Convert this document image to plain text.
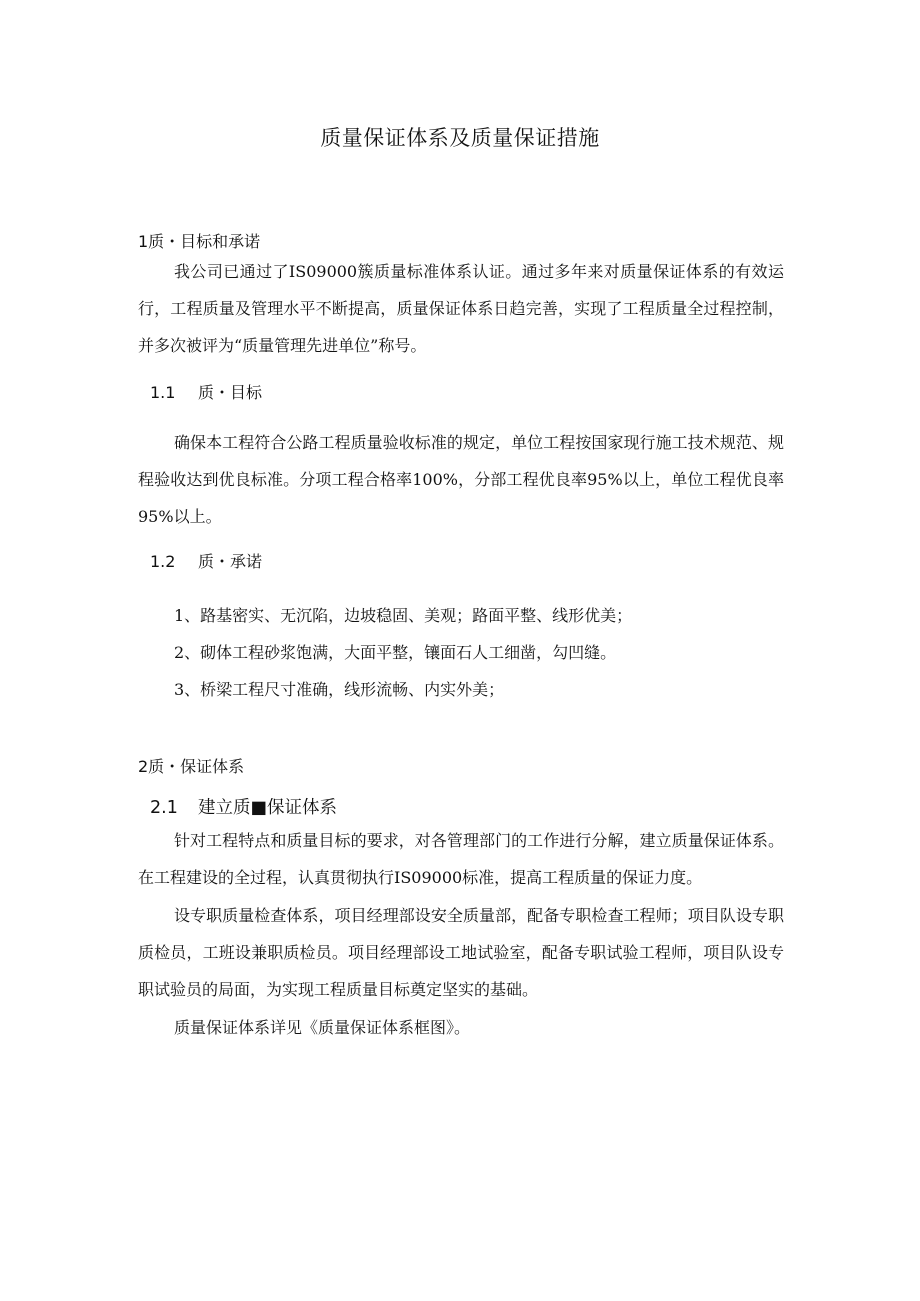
质量保证体系及质量保证措施
1质・目标和承诺
我公司已通过了IS09000簇质量标准体系认证。通过多年来对质量保证体系的有效运行，工程质量及管理水平不断提高，质量保证体系日趋完善，实现了工程质量全过程控制，并多次被评为“质量管理先进单位”称号。
1.1 质・目标
确保本工程符合公路工程质量验收标准的规定，单位工程按国家现行施工技术规范、规程验收达到优良标准。分项工程合格率100%，分部工程优良率95%以上，单位工程优良率95%以上。
1.2 质・承诺
1、路基密实、无沉陷，边坡稳固、美观；路面平整、线形优美；
2、砌体工程砂浆饱满，大面平整，镶面石人工细凿，勾凹缝。
3、桥梁工程尺寸准确，线形流畅、内实外美；
2质・保证体系
2.1 建立质■保证体系
针对工程特点和质量目标的要求，对各管理部门的工作进行分解，建立质量保证体系。在工程建设的全过程，认真贯彻执行IS09000标准，提高工程质量的保证力度。
设专职质量检查体系，项目经理部设安全质量部，配备专职检查工程师；项目队设专职质检员，工班设兼职质检员。项目经理部设工地试验室，配备专职试验工程师，项目队设专职试验员的局面，为实现工程质量目标奠定坚实的基础。
质量保证体系详见《质量保证体系框图》。
